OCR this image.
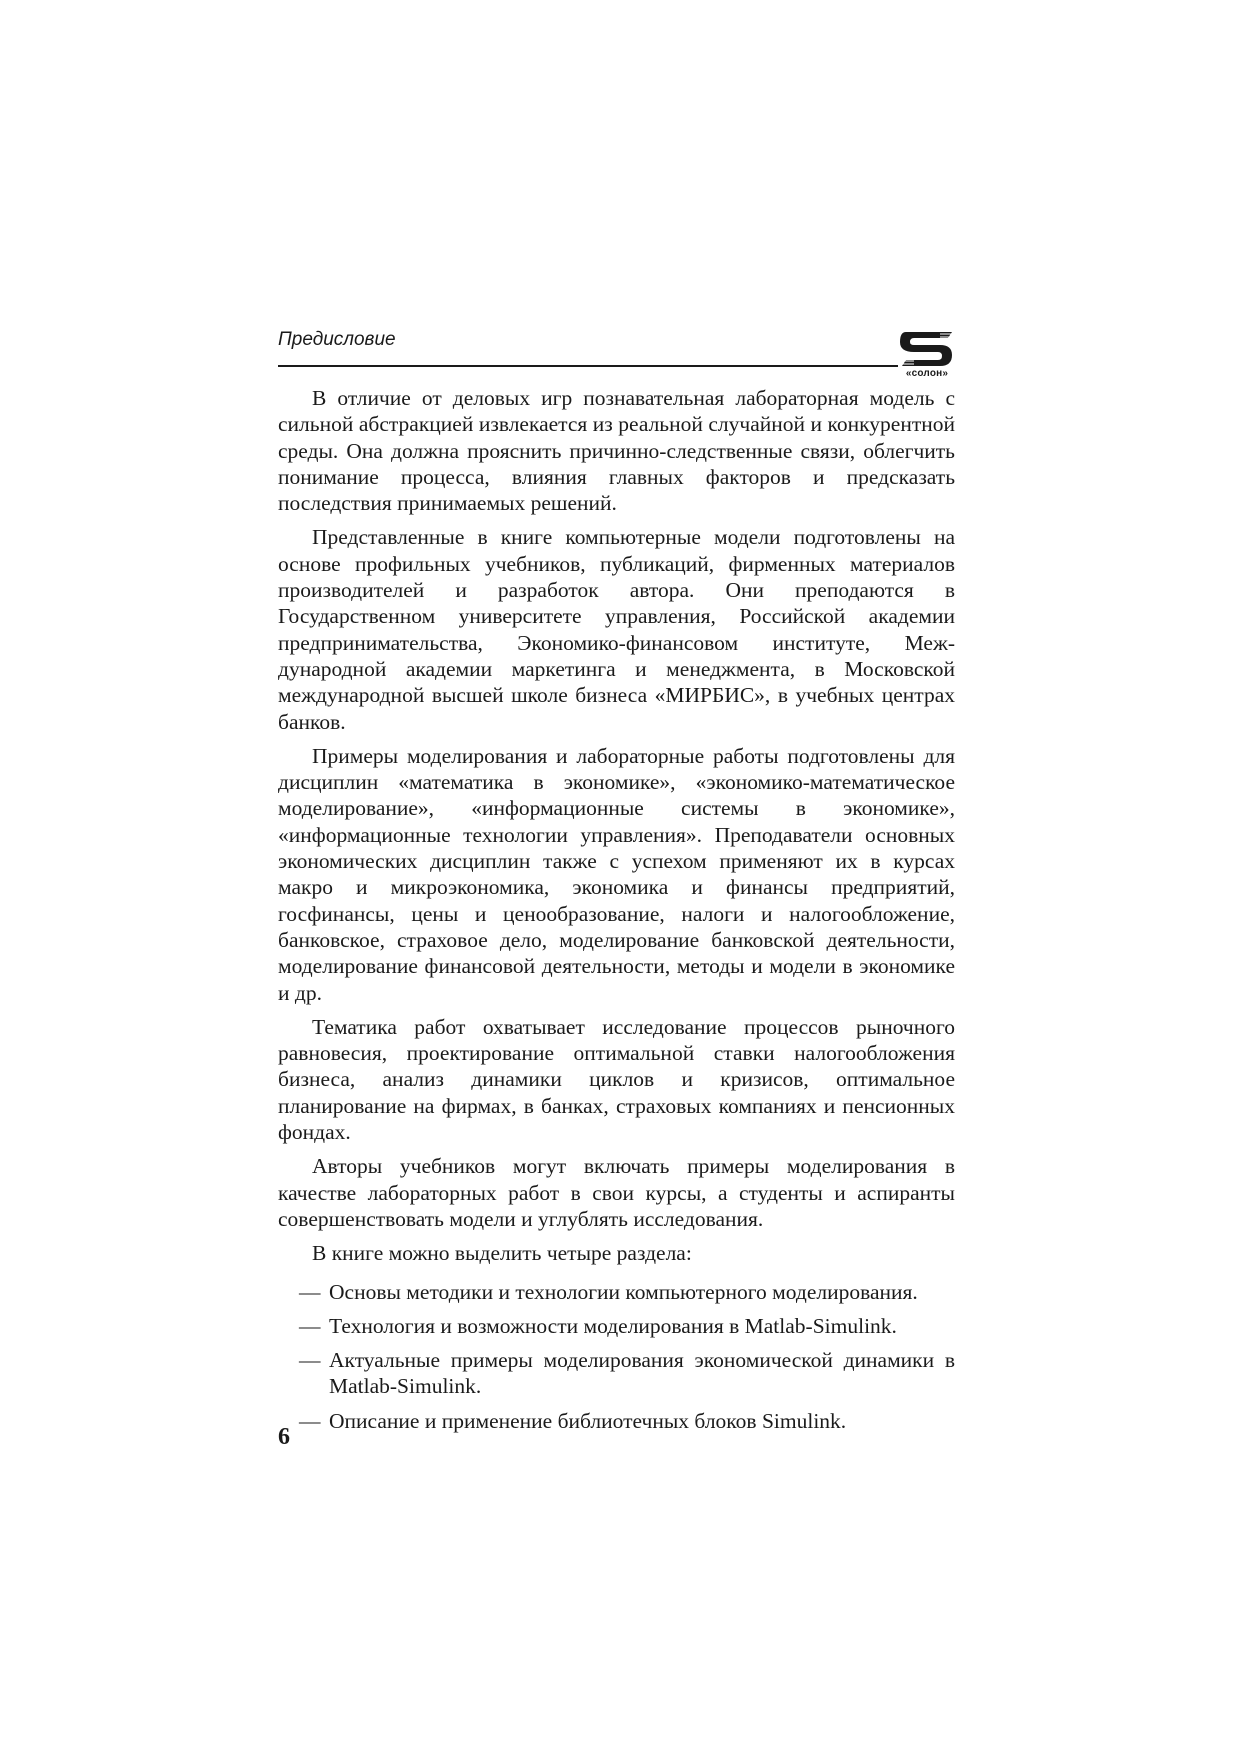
Предисловие
«солон»

В отличие от деловых игр познавательная лабораторная модель с сильной абстракцией извлекается из реальной случайной и конкурентной среды. Она должна прояснить причинно-следственные связи, облегчить понимание процесса, влияния главных факторов и предсказать последствия принимаемых решений.

Представленные в книге компьютерные модели подготовлены на основе профильных учебников, публикаций, фирменных материалов производителей и разработок автора. Они преподаются в Государственном университете управления, Российской академии предпринимательства, Экономико-финансовом институте, Международной академии маркетинга и менеджмента, в Московской международной высшей школе бизнеса «МИРБИС», в учебных центрах банков.

Примеры моделирования и лабораторные работы подготовлены для дисциплин «математика в экономике», «экономико-математическое моделирование», «информационные системы в экономике», «информационные технологии управления». Преподаватели основных экономических дисциплин также с успехом применяют их в курсах макро и микроэкономика, экономика и финансы предприятий, госфинансы, цены и ценообразование, налоги и налогообложение, банковское, страховое дело, моделирование банковской деятельности, моделирование финансовой деятельности, методы и модели в экономике и др.

Тематика работ охватывает исследование процессов рыночного равновесия, проектирование оптимальной ставки налогообложения бизнеса, анализ динамики циклов и кризисов, оптимальное планирование на фирмах, в банках, страховых компаниях и пенсионных фондах.

Авторы учебников могут включать примеры моделирования в качестве лабораторных работ в свои курсы, а студенты и аспиранты совершенствовать модели и углублять исследования.

В книге можно выделить четыре раздела:

— Основы методики и технологии компьютерного моделирования.
— Технология и возможности моделирования в Matlab-Simulink.
— Актуальные примеры моделирования экономической динамики в Matlab-Simulink.
— Описание и применение библиотечных блоков Simulink.
6
